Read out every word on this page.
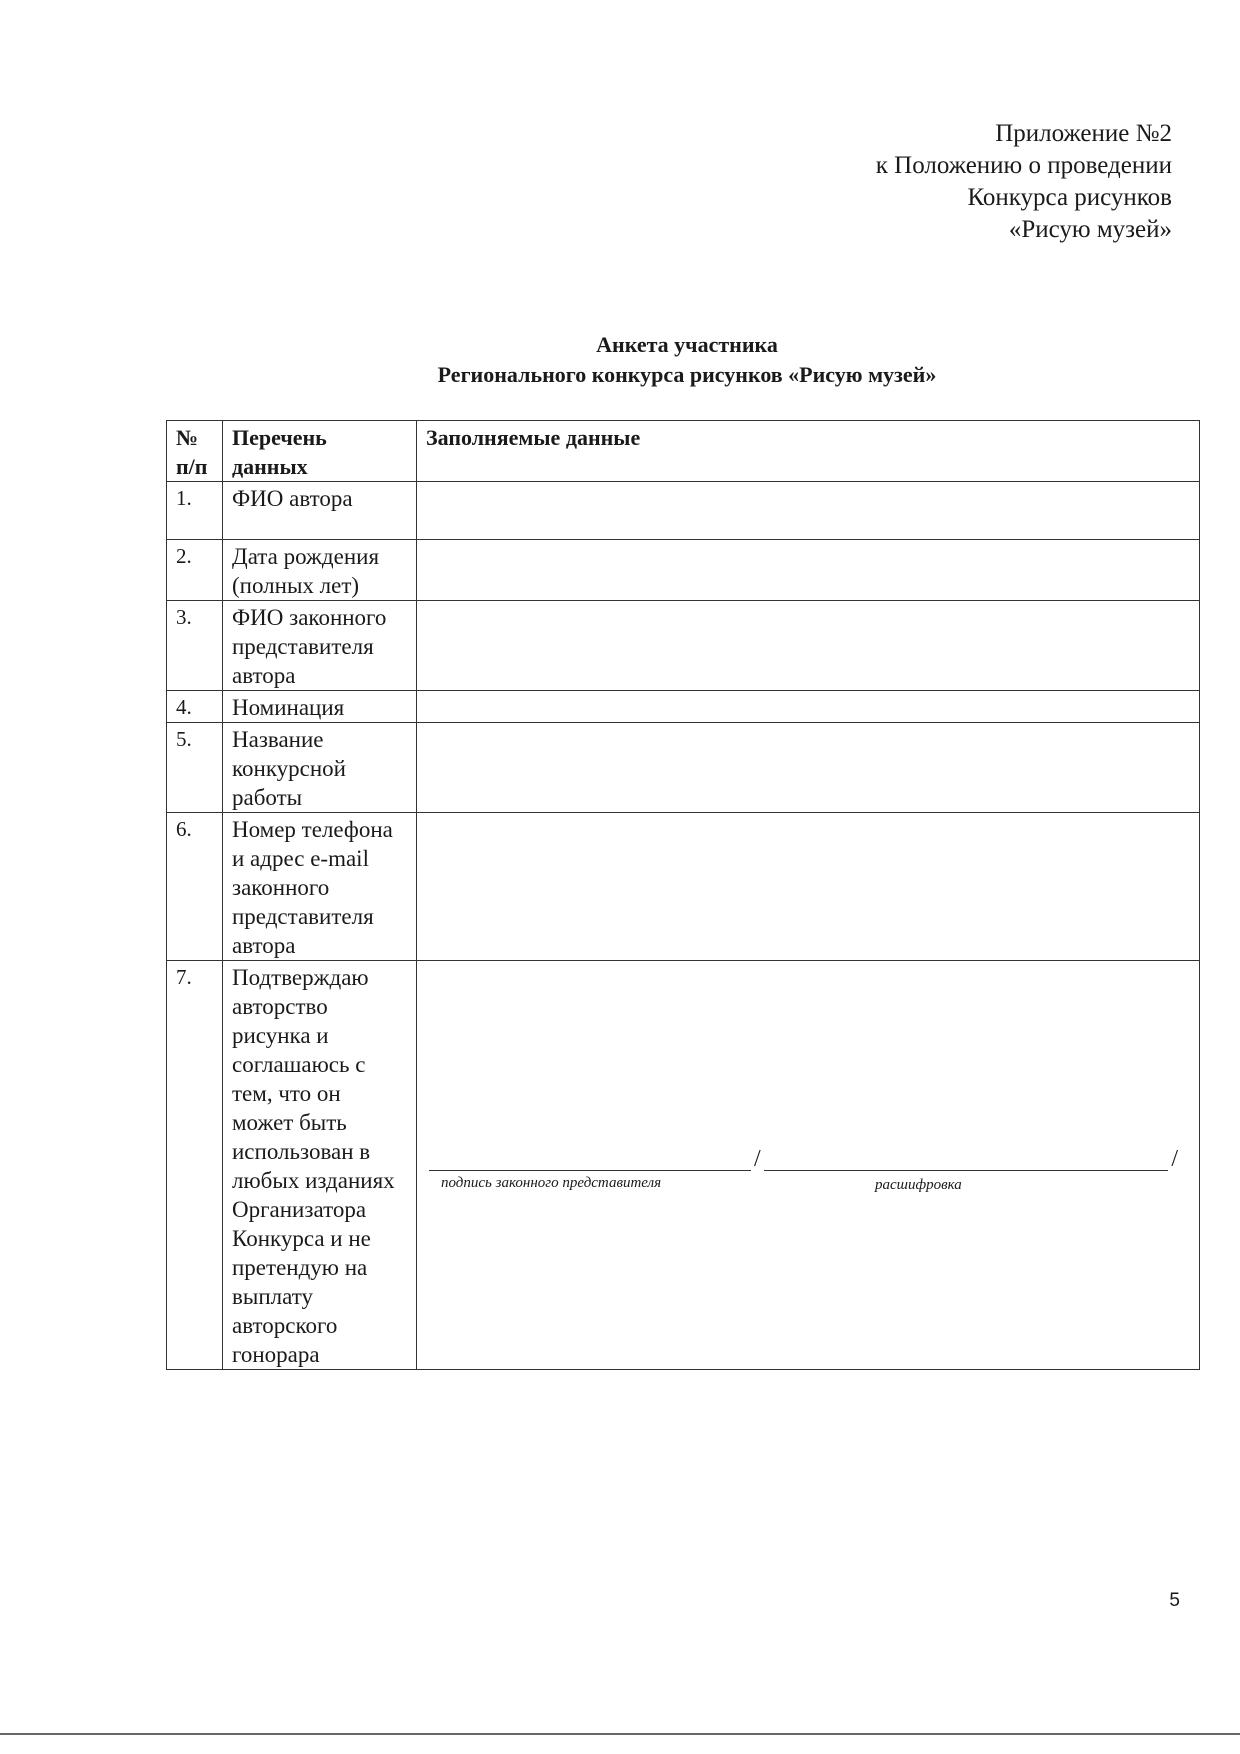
Приложение №2
к Положению о проведении
Конкурса рисунков
«Рисую музей»
Анкета участника
Регионального конкурса рисунков «Рисую музей»
№ п/п	Перечень данных	Заполняемые данные
1.	ФИО автора	
2.	Дата рождения (полных лет)	
3.	ФИО законного представителя автора	
4.	Номинация	
5.	Название конкурсной работы	
6.	Номер телефона и адрес e-mail законного представителя автора	
7.	Подтверждаю авторство рисунка и соглашаюсь с тем, что он может быть использован в любых изданиях Организатора Конкурса и не претендую на выплату авторского гонорара	/ /
подпись законного представителя расшифровка
5
